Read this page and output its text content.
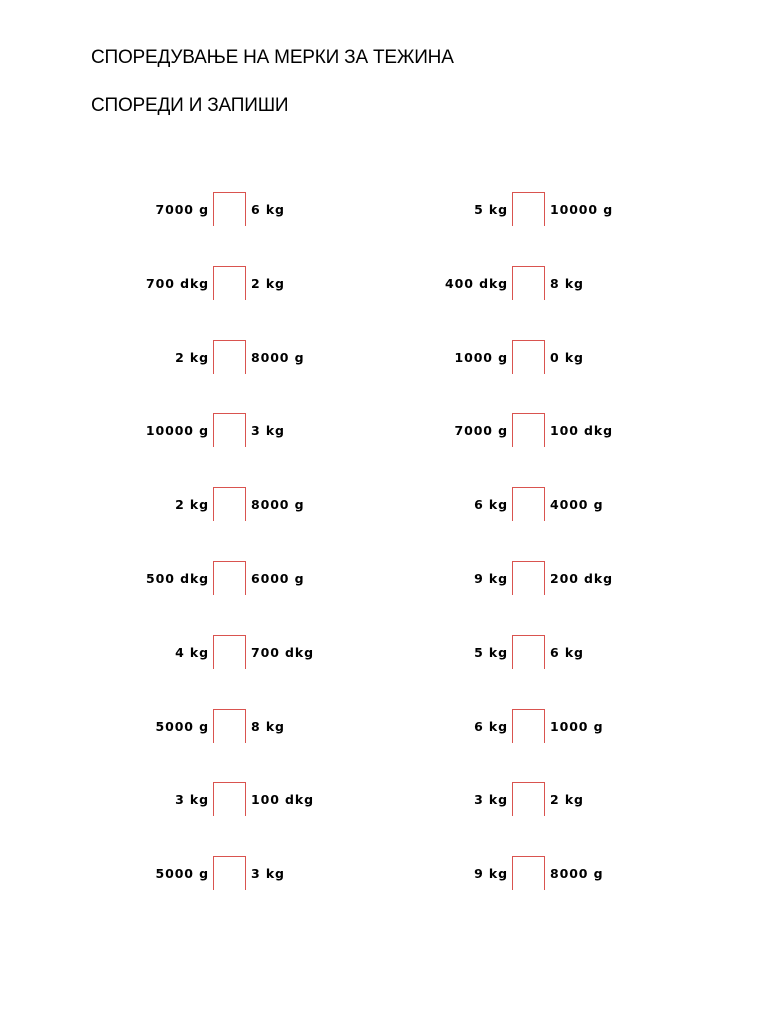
СПОРЕДУВАЊЕ НА МЕРКИ ЗА ТЕЖИНА
СПОРЕДИ И ЗАПИШИ
7000 g	6 kg
700 dkg	2 kg
2 kg	8000 g
10000 g	3 kg
2 kg	8000 g
500 dkg	6000 g
4 kg	700 dkg
5000 g	8 kg
3 kg	100 dkg
5000 g	3 kg
5 kg	10000 g
400 dkg	8 kg
1000 g	0 kg
7000 g	100 dkg
6 kg	4000 g
9 kg	200 dkg
5 kg	6 kg
6 kg	1000 g
3 kg	2 kg
9 kg	8000 g
